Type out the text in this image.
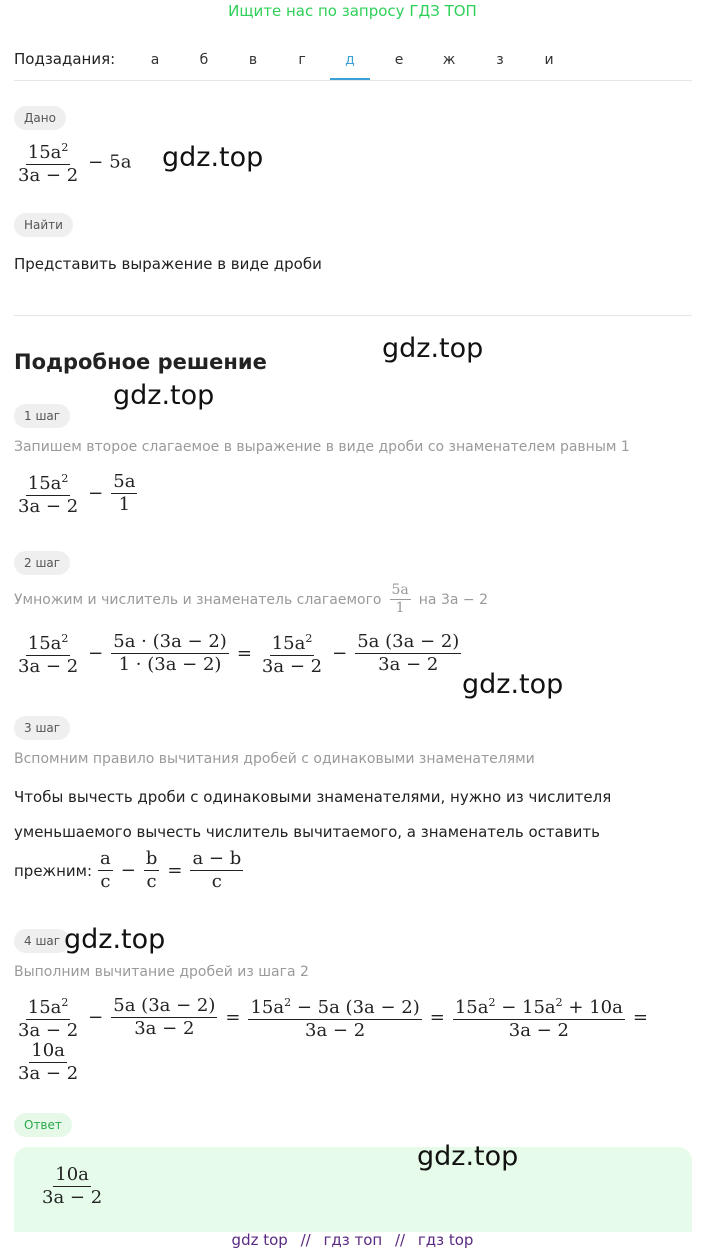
Ищите нас по запросу ГДЗ ТОП
Подзадания:	а	б	в	г	д	е	ж	з	и
Дано
$\frac{15a^2}{3a - 2} - 5a$ gdz.top
Найти
Представить выражение в виде дроби
Подробное решение	gdz.top
gdz.top
1 шаг
Запишем второе слагаемое в выражение в виде дроби со знаменателем равным 1
$\frac{15a^2}{3a - 2} - \frac{5a}{1}$
2 шаг
Умножим и числитель и знаменатель слагаемого $\frac{5a}{1}$ на 3a − 2
$\frac{15a^2}{3a - 2} - \frac{5a \cdot (3a - 2)}{1 \cdot (3a - 2)} = \frac{15a^2}{3a - 2} - \frac{5a (3a - 2)}{3a - 2}$
gdz.top
3 шаг
Вспомним правило вычитания дробей с одинаковыми знаменателями
Чтобы вычесть дроби с одинаковыми знаменателями, нужно из числителя
уменьшаемого вычесть числитель вычитаемого, а знаменатель оставить
прежним: $\frac{a}{c} - \frac{b}{c} = \frac{a - b}{c}$
4 шаг gdz.top
Выполним вычитание дробей из шага 2
$\frac{15a^2}{3a - 2} - \frac{5a (3a - 2)}{3a - 2} = \frac{15a^2 - 5a (3a - 2)}{3a - 2} = \frac{15a^2 - 15a^2 + 10a}{3a - 2}$ =
$\frac{10a}{3a - 2}$
Ответ
$\frac{10a}{3a - 2}$
gdz.top
gdz top // гдз топ // гдз top
